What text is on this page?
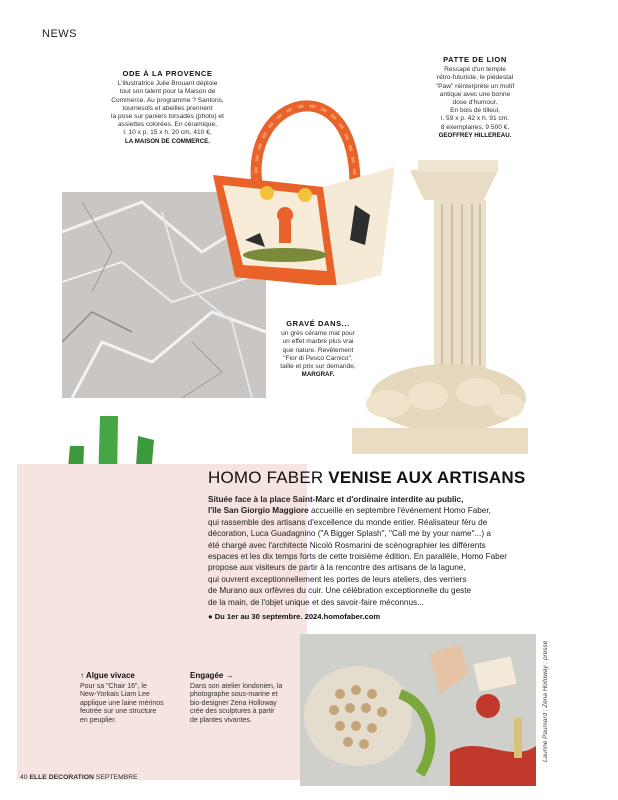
NEWS
ODE À LA PROVENCE
L'illustratrice Julie Brouant déploie
tout son talent pour la Maison de
Commerce. Au programme ? Santons,
tournesols et abeilles prennent
la pose sur paniers torsadés (photo) et
assiettes colorées. En céramique,
l. 10 x p. 15 x h. 20 cm, 410 €,
LA MAISON DE COMMERCE.
PATTE DE LION
Rescapé d'un temple
rétro-futuriste, le piédestal
"Paw" réinterprète un motif
antique avec une bonne
dose d'humour.
En bois de tilleul,
l. 59 x p. 42 x h. 91 cm.
8 exemplaires, 9 500 €,
GEOFFREY HILLEREAU.
GRAVÉ DANS...
un grès cérame mat pour
un effet marbre plus vrai
que nature. Revêtement
"Fior di Pesco Carnico",
taille et prix sur demande,
MARGRAF.
HOMO FABER VENISE AUX ARTISANS
Située face à la place Saint-Marc et d'ordinaire interdite au public,
l'île San Giorgio Maggiore accueille en septembre l'événement Homo Faber,
qui rassemble des artisans d'excellence du monde entier. Réalisateur féru de
décoration, Luca Guadagnino ("A Bigger Splash", "Call me by your name"...) a
été chargé avec l'architecte Nicolò Rosmarini de scénographier les différents
espaces et les dix temps forts de cette troisième édition. En parallèle, Homo Faber
propose aux visiteurs de partir à la rencontre des artisans de la lagune,
qui ouvrent exceptionnellement les portes de leurs ateliers, des verriers
de Murano aux orfèvres du cuir. Une célébration exceptionnelle du geste
de la main, de l'objet unique et des savoir-faire méconnus...
● Du 1er au 30 septembre. 2024.homofaber.com
↑ Algue vivace
Pour sa "Chair 16", le
New-Yorkais Liam Lee
applique une laine mérinos
feutrée sur une structure
en peuplier.
Engagée →
Dans son atelier londonien, la
photographe sous-marine et
bio-designer Zena Holloway
crée des sculptures à partir
de plantes vivantes.	Laurine Paumard ; Zena Holloway ; presse
40 ELLE DECORATION SEPTEMBRE
